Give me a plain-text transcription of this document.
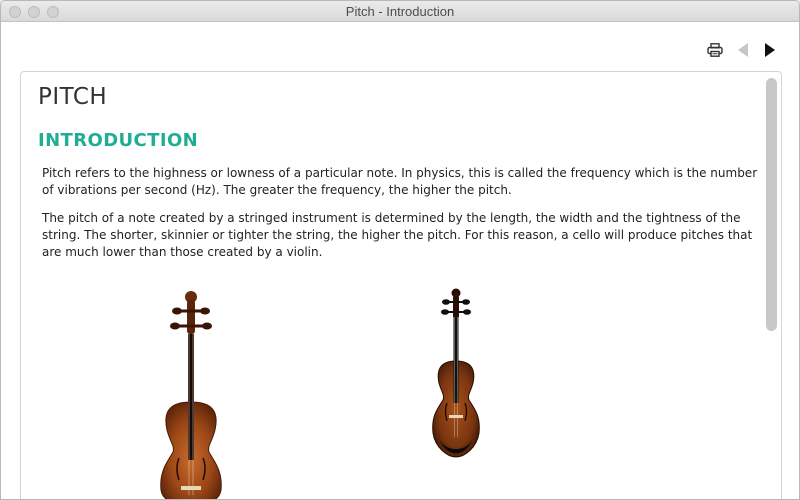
Pitch - Introduction
PITCH
INTRODUCTION

Pitch refers to the highness or lowness of a particular note. In physics, this is called the frequency which is the number of vibrations per second (Hz). The greater the frequency, the higher the pitch.

The pitch of a note created by a stringed instrument is determined by the length, the width and the tightness of the string. The shorter, skinnier or tighter the string, the higher the pitch. For this reason, a cello will produce pitches that are much lower than those created by a violin.
